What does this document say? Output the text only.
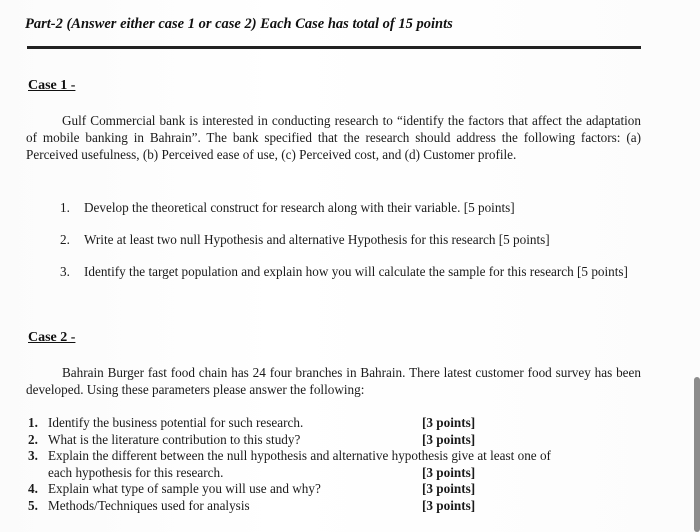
Part-2 (Answer either case 1 or case 2) Each Case has total of 15 points
Case 1 -
Gulf Commercial bank is interested in conducting research to “identify the factors that affect the adaptation of mobile banking in Bahrain”. The bank specified that the research should address the following factors: (a) Perceived usefulness, (b) Perceived ease of use, (c) Perceived cost, and (d) Customer profile.
1.	Develop the theoretical construct for research along with their variable. [5 points]
2.	Write at least two null Hypothesis and alternative Hypothesis for this research [5 points]
3.	Identify the target population and explain how you will calculate the sample for this research [5 points]
Case 2 -
Bahrain Burger fast food chain has 24 four branches in Bahrain. There latest customer food survey has been developed. Using these parameters please answer the following:
1. Identify the business potential for such research.	[3 points]
2. What is the literature contribution to this study?	[3 points]
3. Explain the different between the null hypothesis and alternative hypothesis give at least one of
each hypothesis for this research.	[3 points]
4. Explain what type of sample you will use and why?	[3 points]
5. Methods/Techniques used for analysis	[3 points]
